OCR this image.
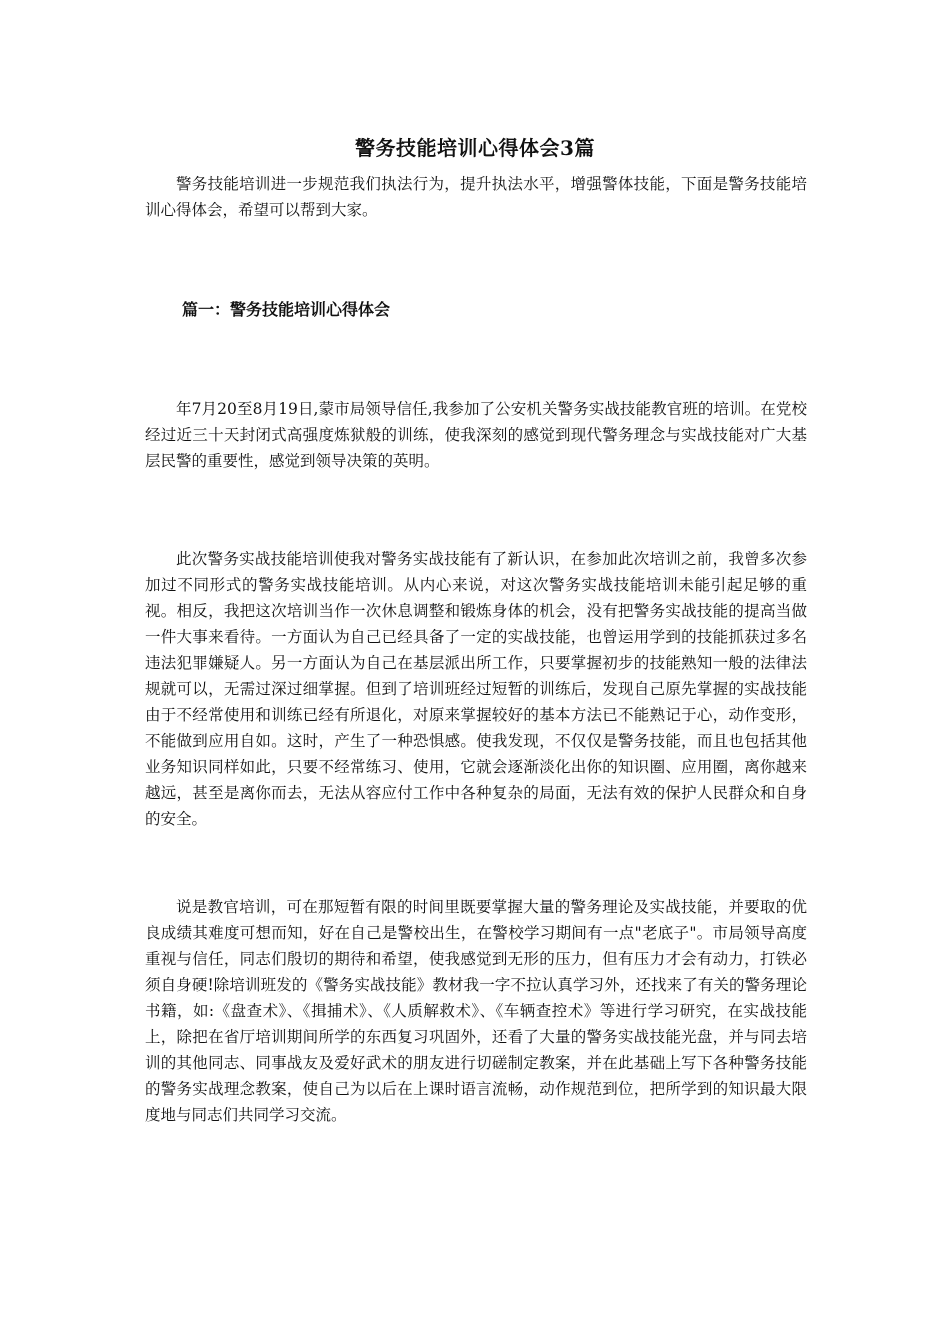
警务技能培训心得体会3篇

警务技能培训进一步规范我们执法行为，提升执法水平，增强警体技能，下面是警务技能培训心得体会，希望可以帮到大家。

篇一：警务技能培训心得体会

年7月20至8月19日,蒙市局领导信任,我参加了公安机关警务实战技能教官班的培训。在党校经过近三十天封闭式高强度炼狱般的训练，使我深刻的感觉到现代警务理念与实战技能对广大基层民警的重要性，感觉到领导决策的英明。

此次警务实战技能培训使我对警务实战技能有了新认识，在参加此次培训之前，我曾多次参加过不同形式的警务实战技能培训。从内心来说，对这次警务实战技能培训未能引起足够的重视。相反，我把这次培训当作一次休息调整和锻炼身体的机会，没有把警务实战技能的提高当做一件大事来看待。一方面认为自己已经具备了一定的实战技能，也曾运用学到的技能抓获过多名违法犯罪嫌疑人。另一方面认为自己在基层派出所工作，只要掌握初步的技能熟知一般的法律法规就可以，无需过深过细掌握。但到了培训班经过短暂的训练后，发现自己原先掌握的实战技能由于不经常使用和训练已经有所退化，对原来掌握较好的基本方法已不能熟记于心，动作变形，不能做到应用自如。这时，产生了一种恐惧感。使我发现，不仅仅是警务技能，而且也包括其他业务知识同样如此，只要不经常练习、使用，它就会逐渐淡化出你的知识圈、应用圈，离你越来越远，甚至是离你而去，无法从容应付工作中各种复杂的局面，无法有效的保护人民群众和自身的安全。

说是教官培训，可在那短暂有限的时间里既要掌握大量的警务理论及实战技能，并要取的优良成绩其难度可想而知，好在自己是警校出生，在警校学习期间有一点"老底子"。市局领导高度重视与信任，同志们殷切的期待和希望，使我感觉到无形的压力，但有压力才会有动力，打铁必须自身硬!除培训班发的《警务实战技能》教材我一字不拉认真学习外，还找来了有关的警务理论书籍，如:《盘查术》、《揖捕术》、《人质解救术》、《车辆查控术》等进行学习研究，在实战技能上，除把在省厅培训期间所学的东西复习巩固外，还看了大量的警务实战技能光盘，并与同去培训的其他同志、同事战友及爱好武术的朋友进行切磋制定教案，并在此基础上写下各种警务技能的警务实战理念教案，使自己为以后在上课时语言流畅，动作规范到位，把所学到的知识最大限度地与同志们共同学习交流。
